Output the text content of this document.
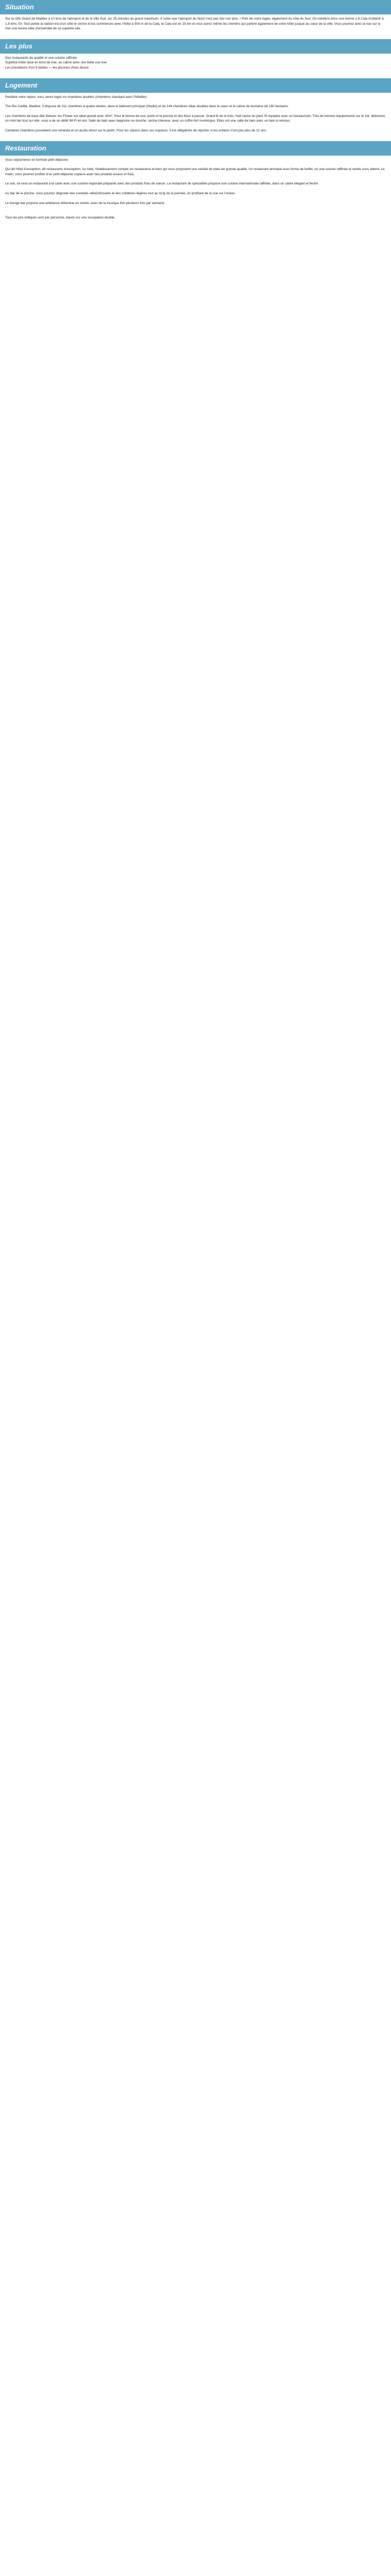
Situation

Sur la côte Ouest de Madère à 10 kms de l'aéroport et de la ville Sud, sur 25 minutes au grand maximum. À noter que l'aéroport du Nord n'est pas loin non plus. / Près de votre logée, également du côté du Sud. On méritera donc une bonne 1,6 Cala d'obtenir à 1,8 kms. En Tout pointe la station est d'un côté le centre et les commerces avec l'hôtel à 500 m de la Cala, la Cala est en 15 km et vous aurez même les chemins qui partent également de votre hôtel jusque au cœur de la ville. Vous pourrez avec la vue sur la mer une bonne idée d'ensemble de ce superbe site.

Les plus

Des restaurants de qualité et une cuisine raffinée

Superbe hôtel situé en bord de mer, au calme avec une belle vue mer

Les prestations d'un 5 étoiles — les piscines d'eau douce

Logement

Pendant votre séjour, vous serez logés en chambres doubles (chambres standard avec l'hôtelier).

The Riu Caribe, Madère. Il dispose de 311 chambres à quatre étoiles, dans le bâtiment principal (Studio) et de 144 chambres villas doubles dans le cœur et le calme de domaine de 160 hectares.

Les chambres de base dite Deluxe: les Flower est idéal grandi avec 30m². Pour le bonne de vue, porte et la piscine et des lieux à passer. Grand lit de le bois, Hall l'autre du pied. Et équipée avec un bureau/coin. Très de bonnes équipements sur le toit, télévision, un mini bar tout sur elle, vous a de un débit Wi-Fi en est. Salle de bain avec baignoire ou douche, sèche-cheveux, avec un coffre-fort numérique. Elles ont une salle de bain avec un bain à remous.

Certaines chambres possèdent une véranda et un accès direct sur le jardin. Pour les séjours dans ces espaces, il est obligatoire de reporter si les enfants n'ont pas plus de 12 ans.

Restauration

Vous séjournerez en formule petit déjeuner.

Qui dit hôtel d'exception, dit restaurants d'exception. Au total, l'établissement compte six restaurants et bars qui vous proposent une variété de plats de grande qualité. Un restaurant principal sous forme de buffet, où une cuisine raffinée et variée vous attend. Le matin, vous pourrez profiter d'un petit-déjeuner copieux avec des produits locaux et frais.

Le soir, ce sera un restaurant à la carte avec une cuisine régionale préparée avec des produits frais de saison. Le restaurant de spécialités propose une cuisine internationale raffinée, dans un cadre élégant et feutré.

Au bar de la piscine, vous pourrez déguster des cocktails rafraîchissants et des collations légères tout au long de la journée, en profitant de la vue sur l'océan.

Le lounge bar propose une ambiance détendue en soirée, avec de la musique live plusieurs fois par semaine.

Tous les prix indiqués sont par personne, basés sur une occupation double.
